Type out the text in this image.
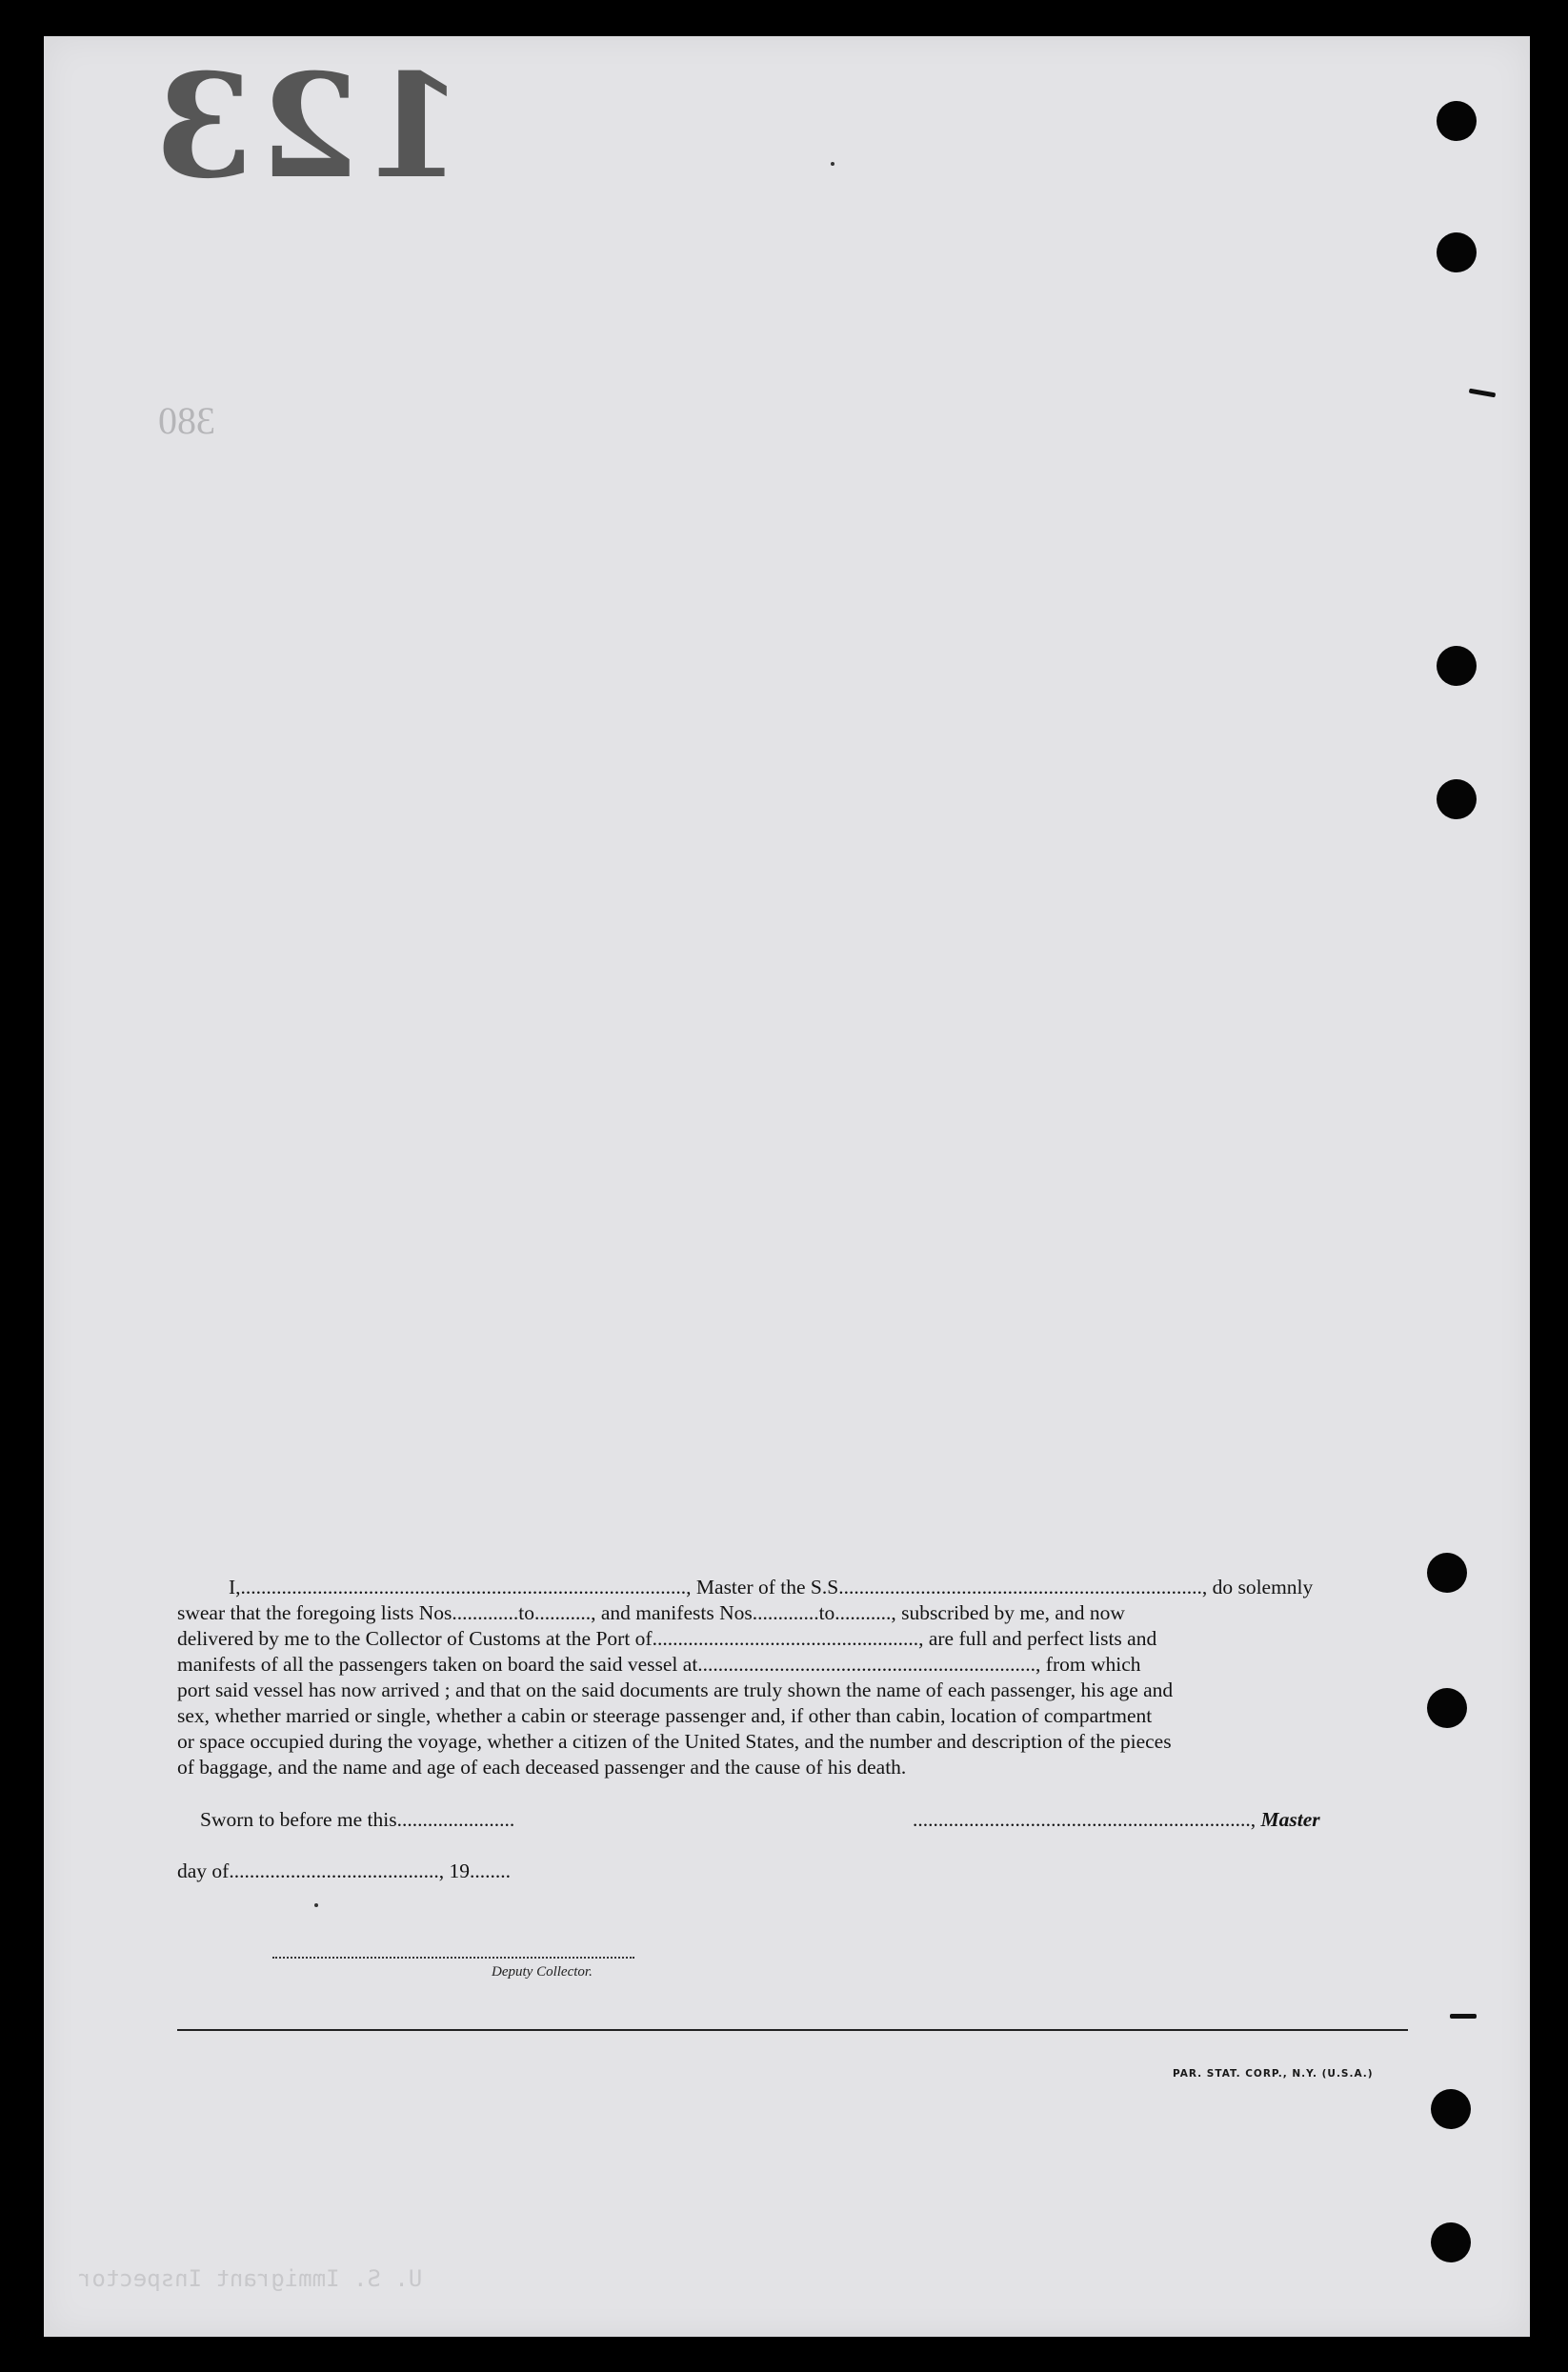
123
380
U. S. Immigrant Inspector
I,......................................................................................., Master of the S.S......................................................................., do solemnly
swear that the foregoing lists Nos.............to..........., and manifests Nos.............to..........., subscribed by me, and now
delivered by me to the Collector of Customs at the Port of...................................................., are full and perfect lists and
manifests of all the passengers taken on board the said vessel at.................................................................., from which
port said vessel has now arrived ; and that on the said documents are truly shown the name of each passenger, his age and
sex, whether married or single, whether a cabin or steerage passenger and, if other than cabin, location of compartment
or space occupied during the voyage, whether a citizen of the United States, and the number and description of the pieces
of baggage, and the name and age of each deceased passenger and the cause of his death.
Sworn to before me this.......................	.................................................................., Master
day of........................................., 19........
Deputy Collector.
PAR. STAT. CORP., N.Y. (U.S.A.)
